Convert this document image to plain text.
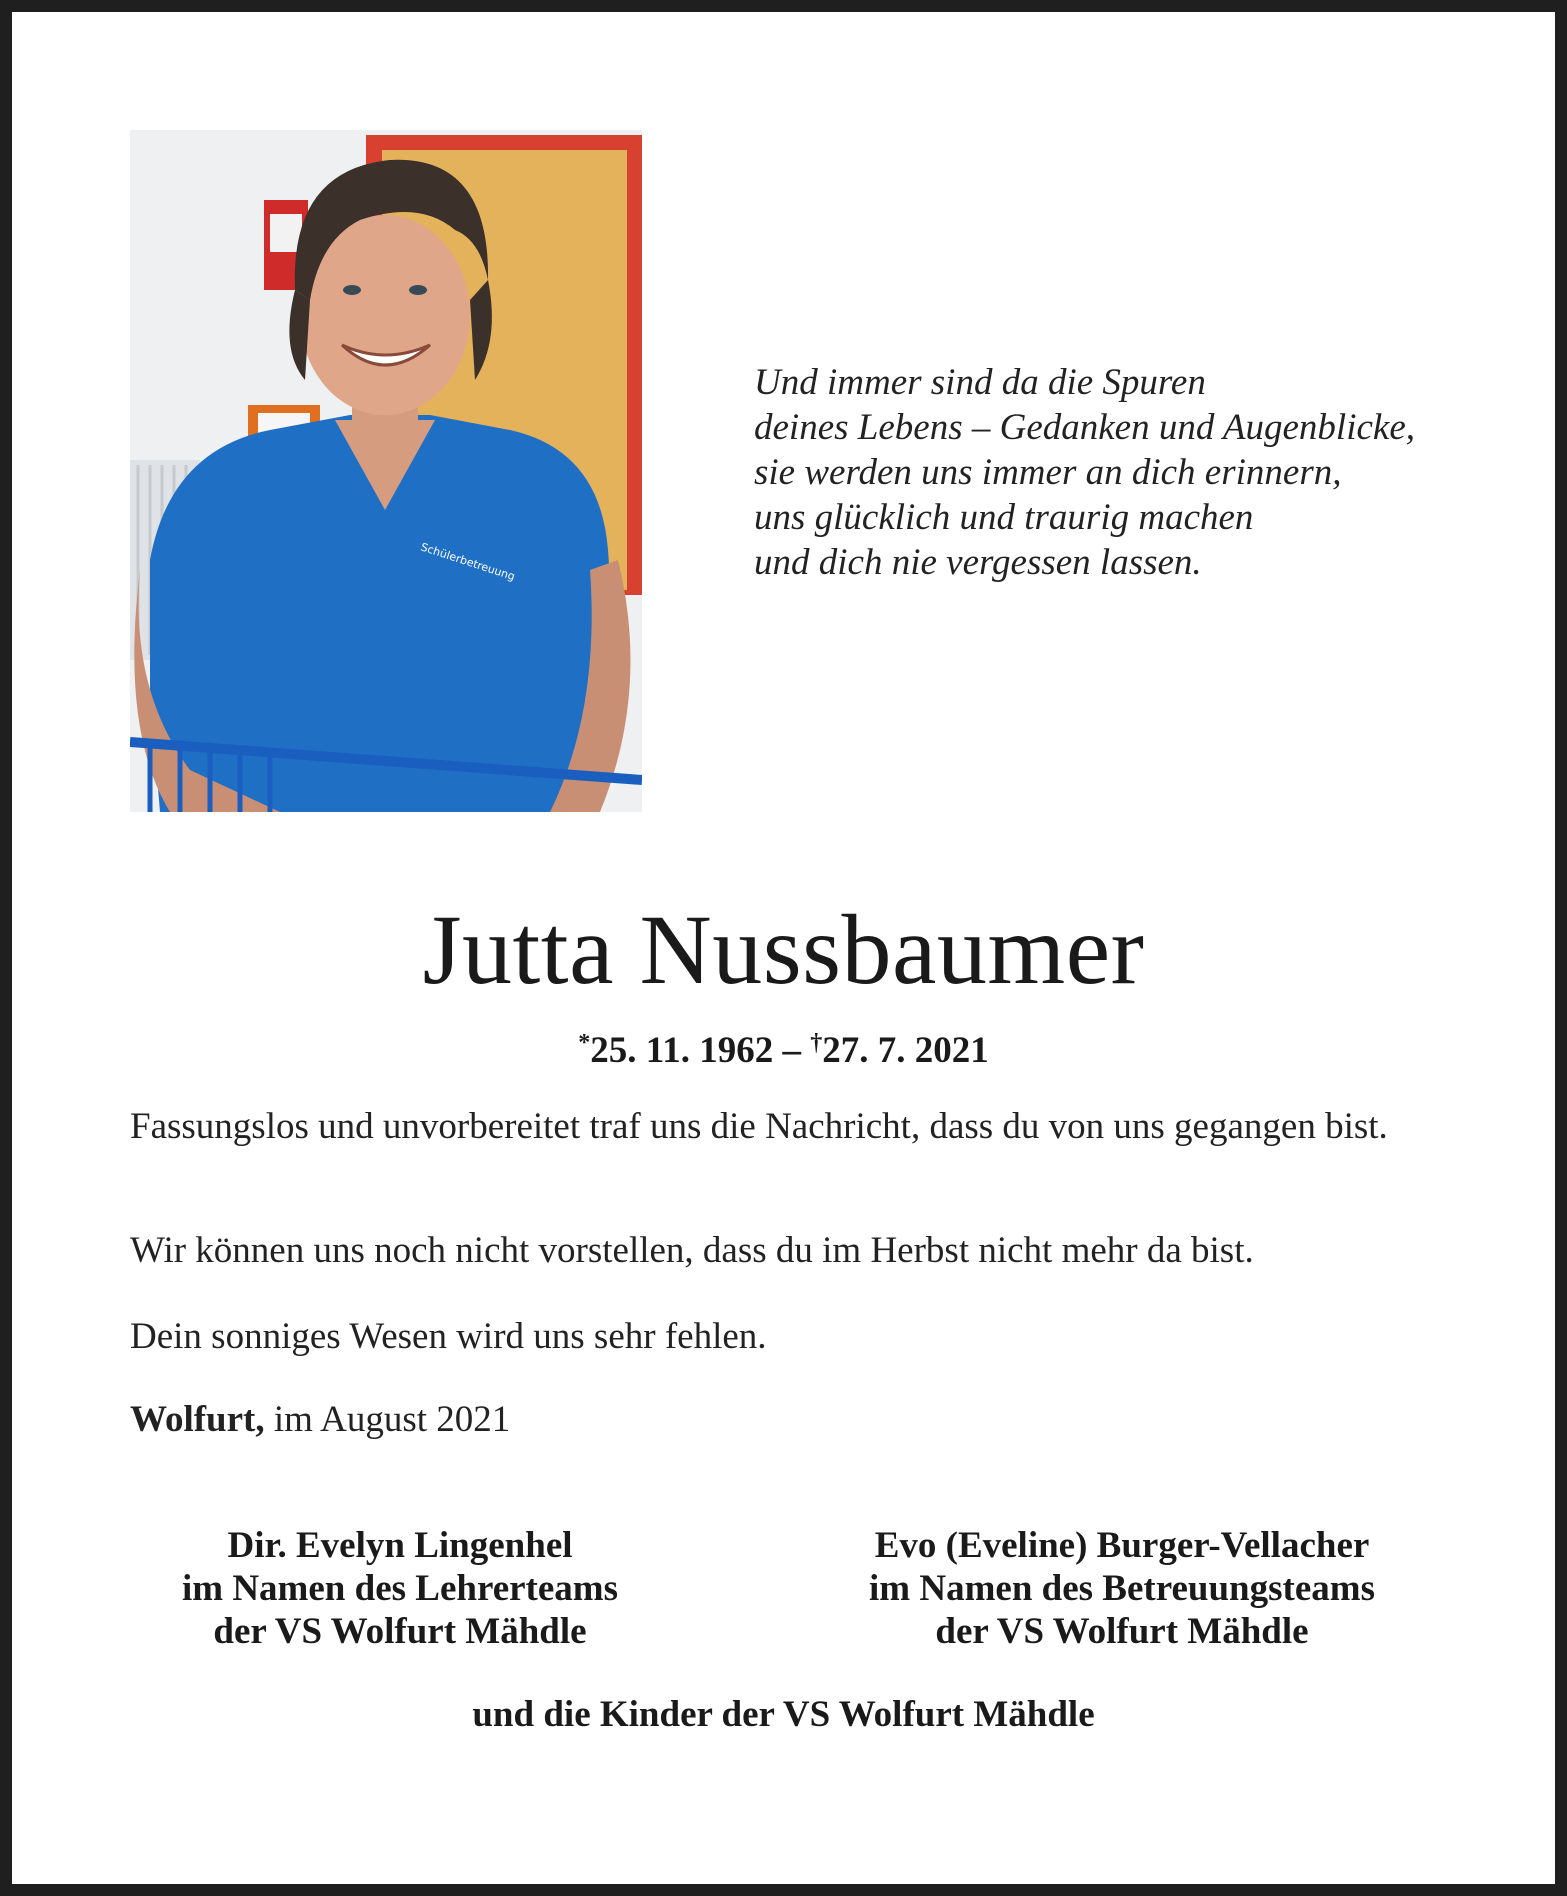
Schülerbetreuung
Und immer sind da die Spuren
deines Lebens – Gedanken und Augenblicke,
sie werden uns immer an dich erinnern,
uns glücklich und traurig machen
und dich nie vergessen lassen.
Jutta Nussbaumer
*25. 11. 1962 – †27. 7. 2021
Fassungslos und unvorbereitet traf uns die Nachricht, dass du von uns gegangen bist.
Wir können uns noch nicht vorstellen, dass du im Herbst nicht mehr da bist.
Dein sonniges Wesen wird uns sehr fehlen.
Wolfurt, im August 2021
Dir. Evelyn Lingenhel
im Namen des Lehrerteams
der VS Wolfurt Mähdle
Evo (Eveline) Burger-Vellacher
im Namen des Betreuungsteams
der VS Wolfurt Mähdle
und die Kinder der VS Wolfurt Mähdle
